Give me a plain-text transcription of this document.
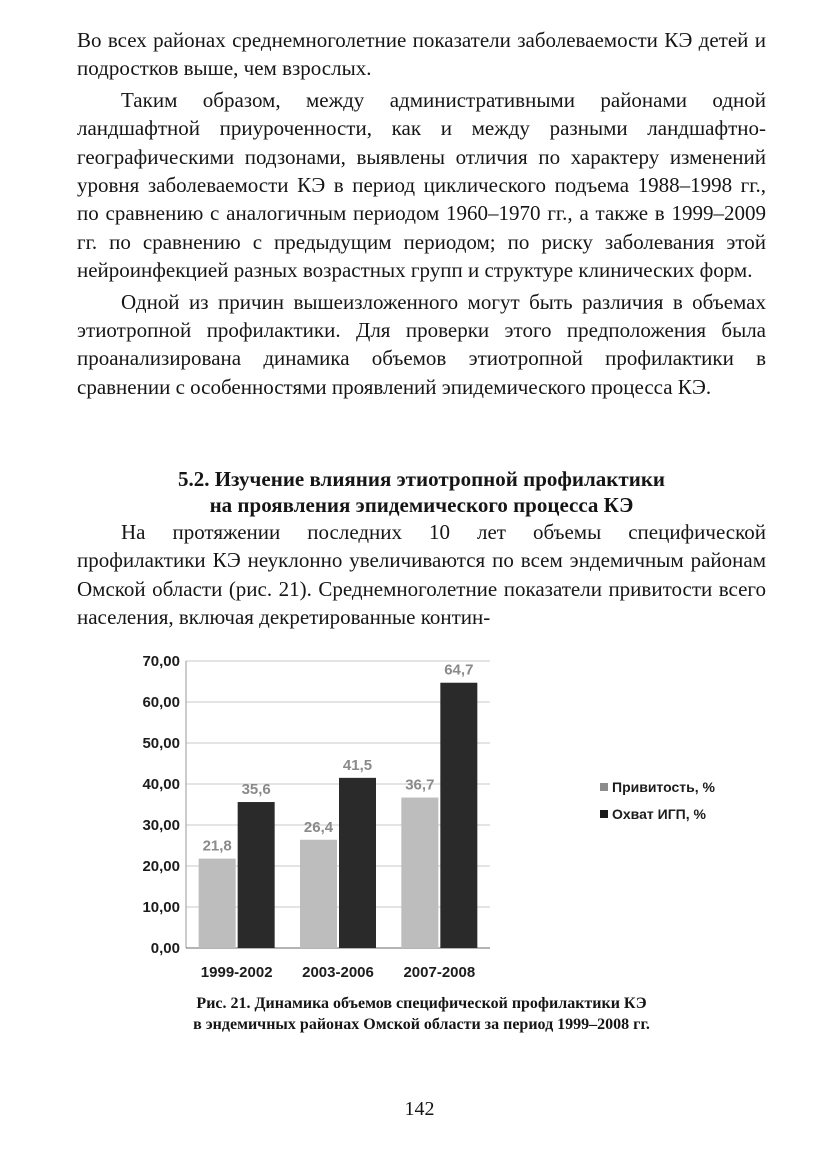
Во всех районах среднемноголетние показатели заболеваемости КЭ детей и подростков выше, чем взрослых.

Таким образом, между административными районами одной ландшафтной приуроченности, как и между разными ландшафтно-географическими подзонами, выявлены отличия по характеру изменений уровня заболеваемости КЭ в период циклического подъема 1988–1998 гг., по сравнению с аналогичным периодом 1960–1970 гг., а также в 1999–2009 гг. по сравнению с предыдущим периодом; по риску заболевания этой нейроинфекцией разных возрастных групп и структуре клинических форм.

Одной из причин вышеизложенного могут быть различия в объемах этиотропной профилактики. Для проверки этого предположения была проанализирована динамика объемов этиотропной профилактики в сравнении с особенностями проявлений эпидемического процесса КЭ.

5.2. Изучение влияния этиотропной профилактики
на проявления эпидемического процесса КЭ

На протяжении последних 10 лет объемы специфической профилактики КЭ неуклонно увеличиваются по всем эндемичным районам Омской области (рис. 21). Среднемноголетние показатели привитости всего населения, включая декретированные контин-

0,00
10,00
20,00
30,00
40,00
50,00
60,00
70,00
21,8
35,6
1999-2002
26,4
41,5
2003-2006
36,7
64,7
2007-2008
Привитость, %
Охват ИГП, %
Рис. 21. Динамика объемов специфической профилактики КЭ
в эндемичных районах Омской области за период 1999–2008 гг.
142
